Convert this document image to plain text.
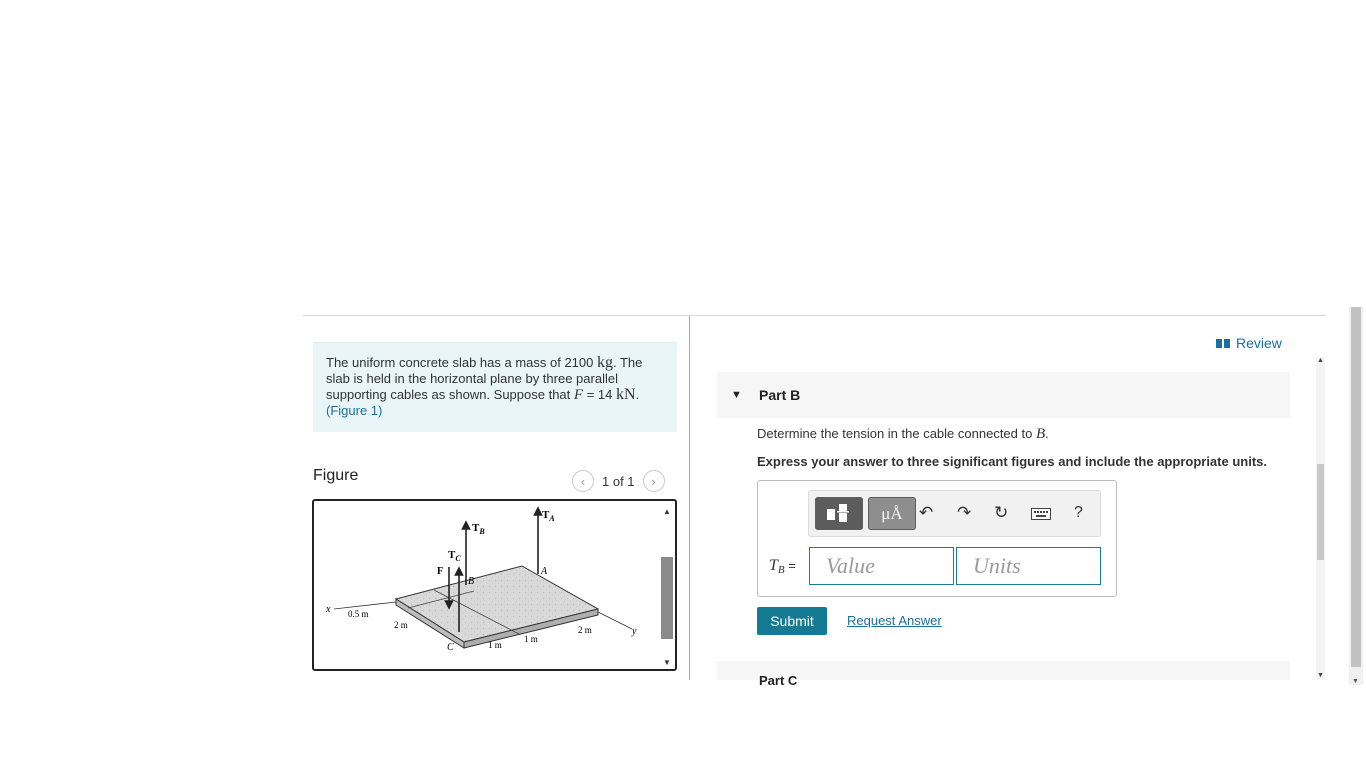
The uniform concrete slab has a mass of 2100 kg. The slab is held in the horizontal plane by three parallel supporting cables as shown. Suppose that F = 14 kN.
(Figure 1)
Figure	‹	1 of 1	›
$T_A$
$T_B$
$T_C$
F	A
B
C
x
y
0.5 m
2 m
1 m
1 m
2 m
▲
▼
Review
▼	Part B
Determine the tension in the cable connected to B.
Express your answer to three significant figures and include the appropriate units.
μÅ ↶ ↷ ↻	?
$T_B$ =
Value
Units
Submit	Request Answer
Part C
▲
▼
▼
